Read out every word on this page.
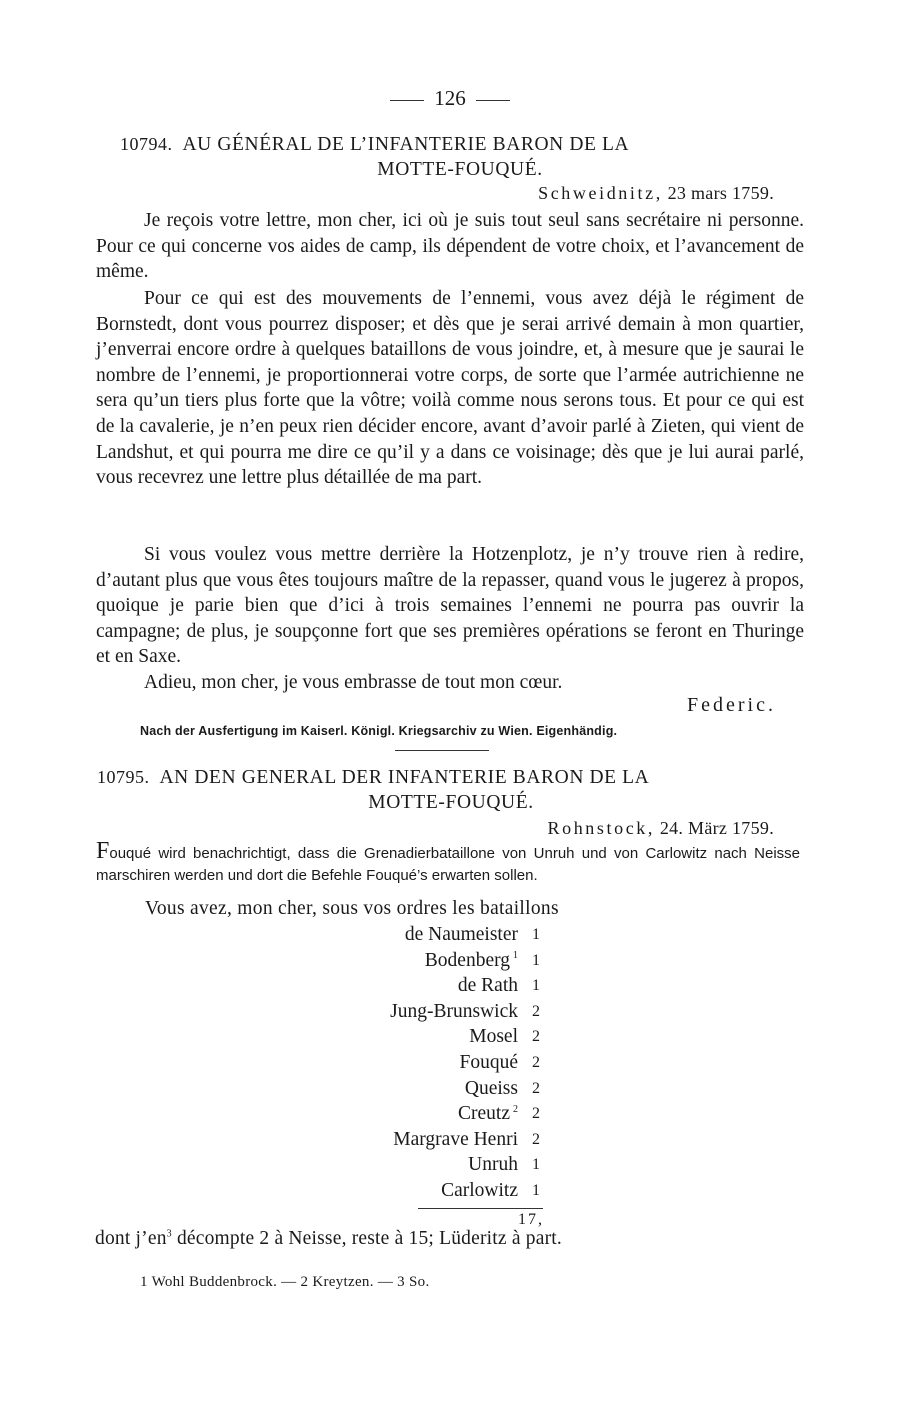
126
10794. AU GÉNÉRAL DE L’INFANTERIE BARON DE LA
MOTTE-FOUQUÉ.
Schweidnitz, 23 mars 1759.
Je reçois votre lettre, mon cher, ici où je suis tout seul sans secrétaire ni personne. Pour ce qui concerne vos aides de camp, ils dépendent de votre choix, et l’avancement de même.
Pour ce qui est des mouvements de l’ennemi, vous avez déjà le régiment de Bornstedt, dont vous pourrez disposer; et dès que je serai arrivé demain à mon quartier, j’enverrai encore ordre à quelques bataillons de vous joindre, et, à mesure que je saurai le nombre de l’ennemi, je proportionnerai votre corps, de sorte que l’armée autrichienne ne sera qu’un tiers plus forte que la vôtre; voilà comme nous serons tous. Et pour ce qui est de la cavalerie, je n’en peux rien décider encore, avant d’avoir parlé à Zieten, qui vient de Landshut, et qui pourra me dire ce qu’il y a dans ce voisinage; dès que je lui aurai parlé, vous recevrez une lettre plus détaillée de ma part.
Si vous voulez vous mettre derrière la Hotzenplotz, je n’y trouve rien à redire, d’autant plus que vous êtes toujours maître de la repasser, quand vous le jugerez à propos, quoique je parie bien que d’ici à trois semaines l’ennemi ne pourra pas ouvrir la campagne; de plus, je soupçonne fort que ses premières opérations se feront en Thuringe et en Saxe.
Adieu, mon cher, je vous embrasse de tout mon cœur.
Federic.
Nach der Ausfertigung im Kaiserl. Königl. Kriegsarchiv zu Wien. Eigenhändig.
10795. AN DEN GENERAL DER INFANTERIE BARON DE LA
MOTTE-FOUQUÉ.
Rohnstock, 24. März 1759.
Fouqué wird benachrichtigt, dass die Grenadierbataillone von Unruh und von Carlowitz nach Neisse marschiren werden und dort die Befehle Fouqué’s erwarten sollen.
Vous avez, mon cher, sous vos ordres les bataillons
de Naumeister 1
Bodenberg $^1$ 1
de Rath 1
Jung-Brunswick 2
Mosel 2
Fouqué 2
Queiss 2
Creutz $^2$ 2
Margrave Henri 2
Unruh 1
Carlowitz 1
17,
dont $j’en^3$ décompte 2 à Neisse, reste à 15; Lüderitz à part.
1 Wohl Buddenbrock. — 2 Kreytzen. — 3 So.
